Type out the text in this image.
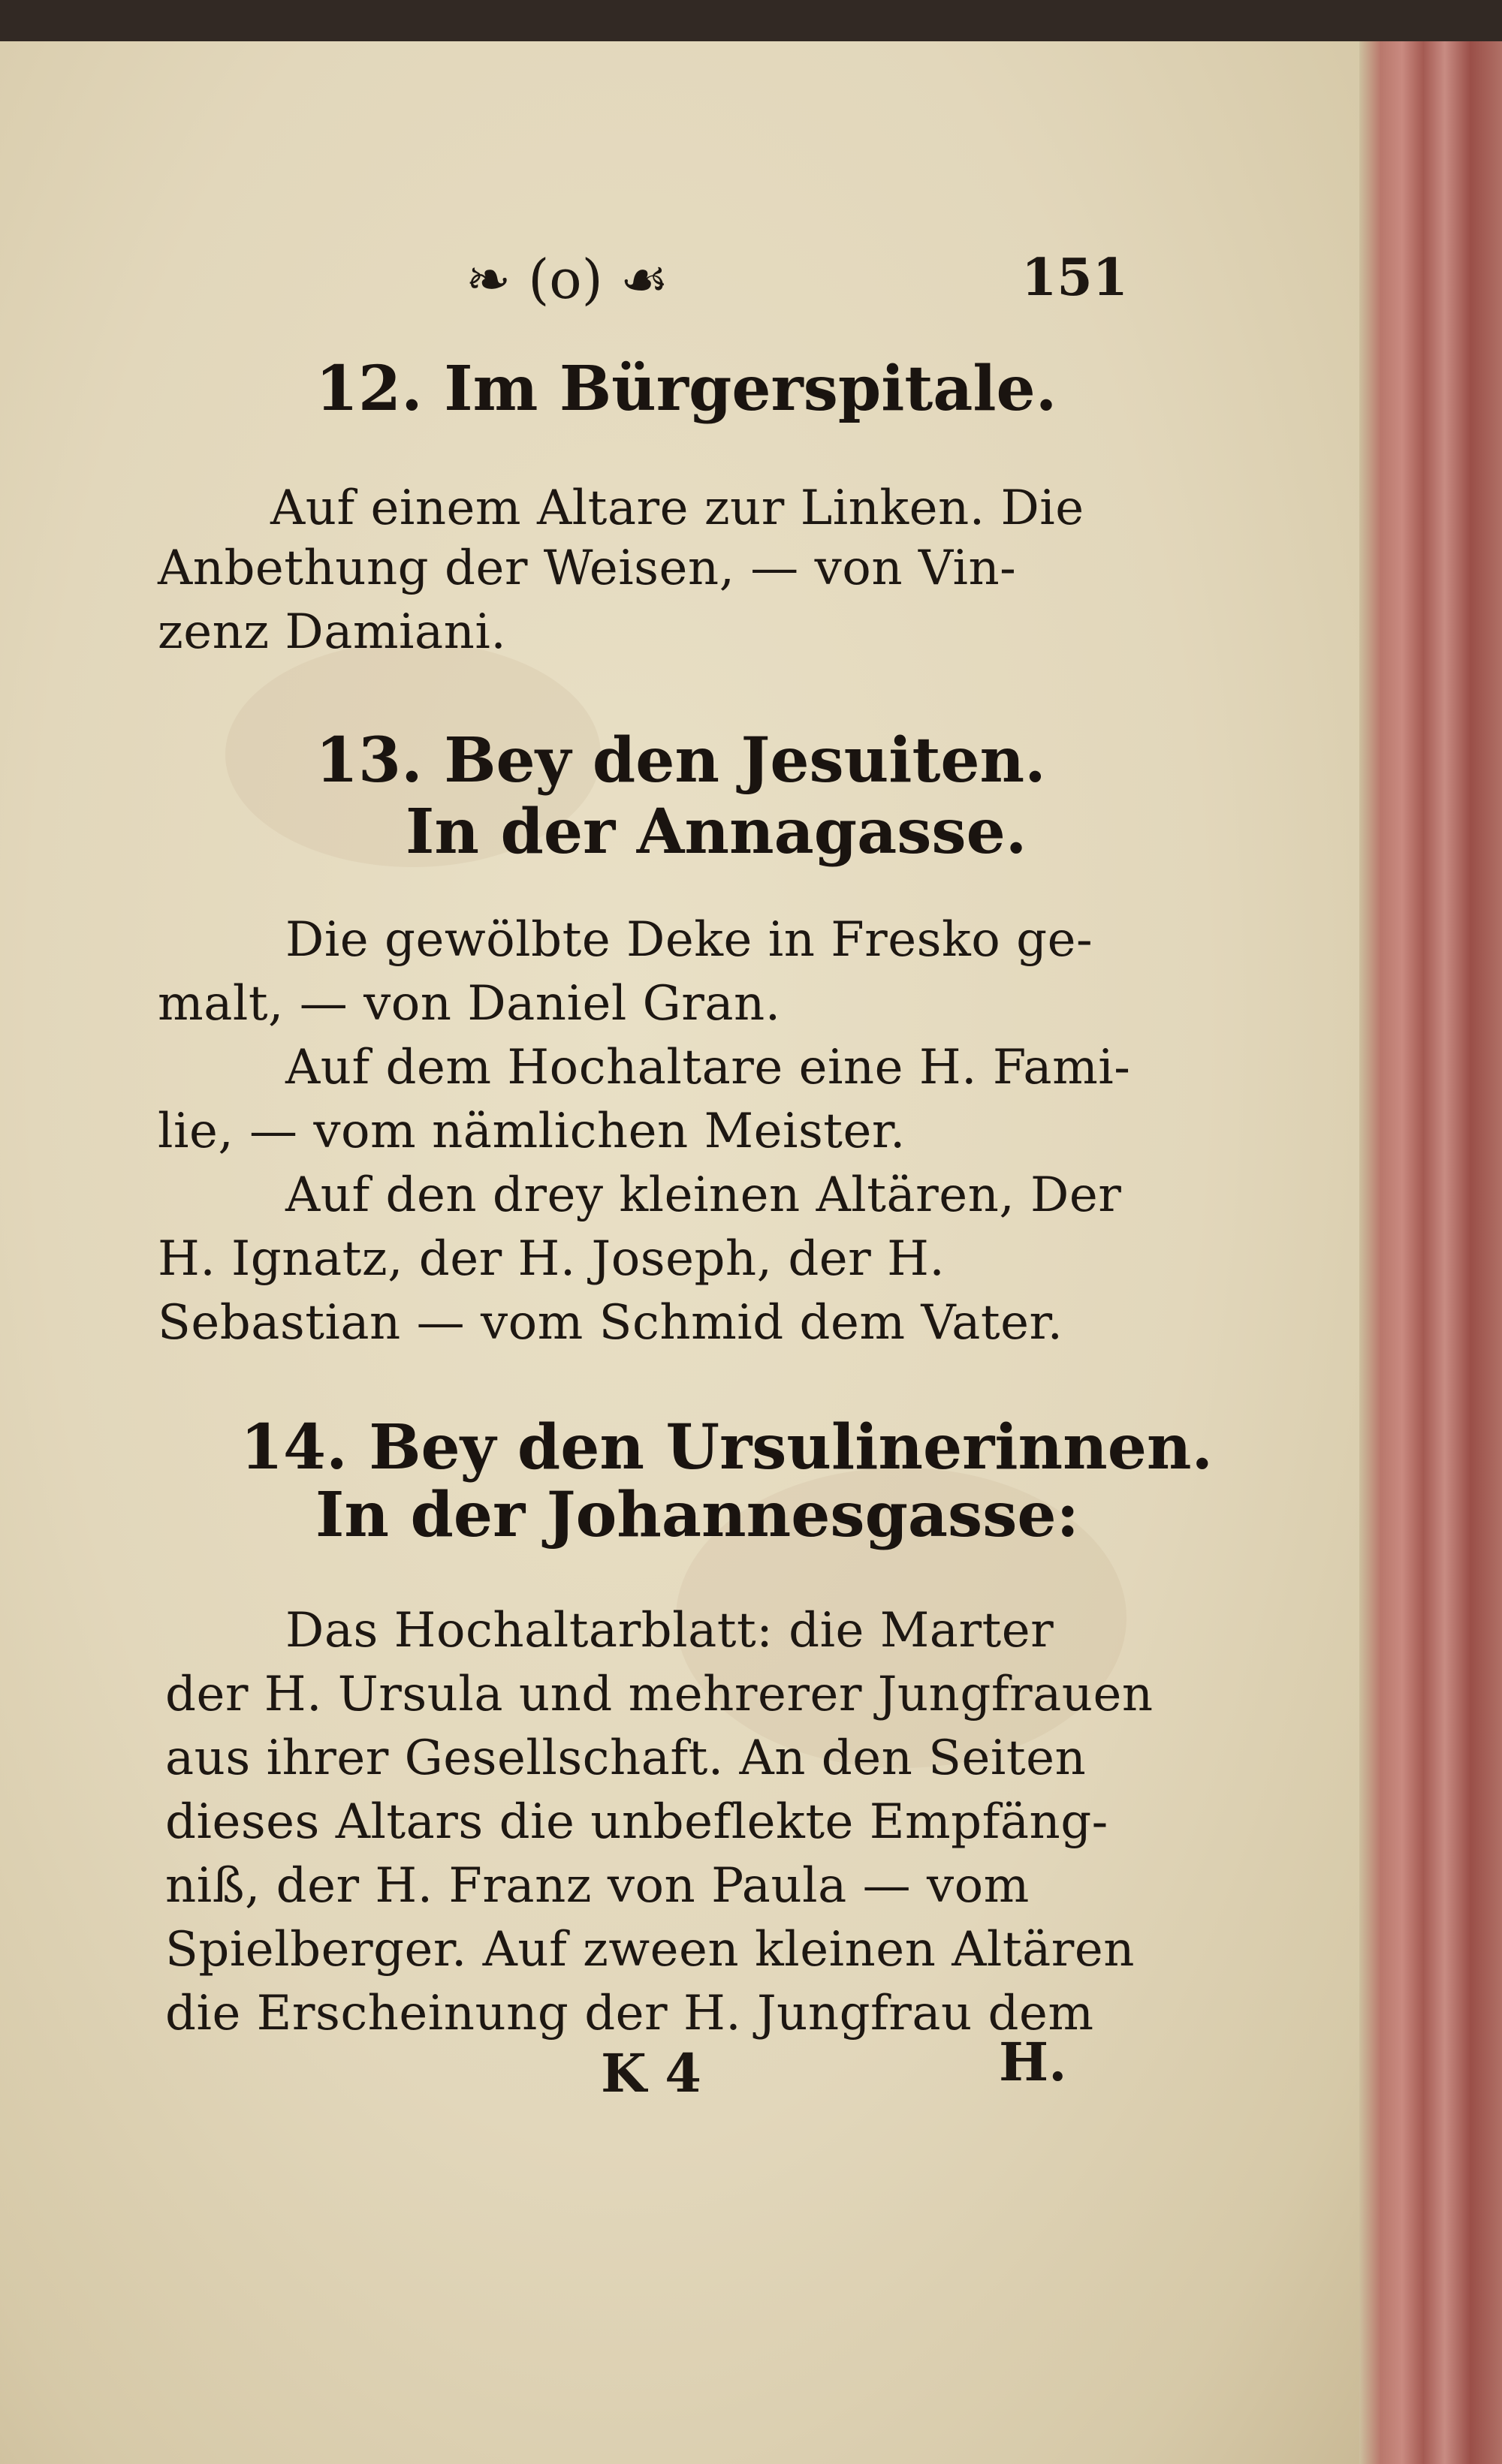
❧ (o) ☙	151
12. Im Bürgerspitale.
Auf einem Altare zur Linken. Die
Anbethung der Weisen, — von Vin-
zenz Damiani.
13. Bey den Jesuiten.
In der Annagasse.
Die gewölbte Deke in Fresko ge-
malt, — von Daniel Gran.
Auf dem Hochaltare eine H. Fami-
lie, — vom nämlichen Meister.
Auf den drey kleinen Altären, Der
H. Ignatz, der H. Joseph, der H.
Sebastian — vom Schmid dem Vater.
14. Bey den Ursulinerinnen.
In der Johannesgasse:
Das Hochaltarblatt: die Marter
der H. Ursula und mehrerer Jungfrauen
aus ihrer Gesellschaft. An den Seiten
dieses Altars die unbeflekte Empfäng-
niß, der H. Franz von Paula — vom
Spielberger. Auf zween kleinen Altären
die Erscheinung der H. Jungfrau dem
K 4	H.
